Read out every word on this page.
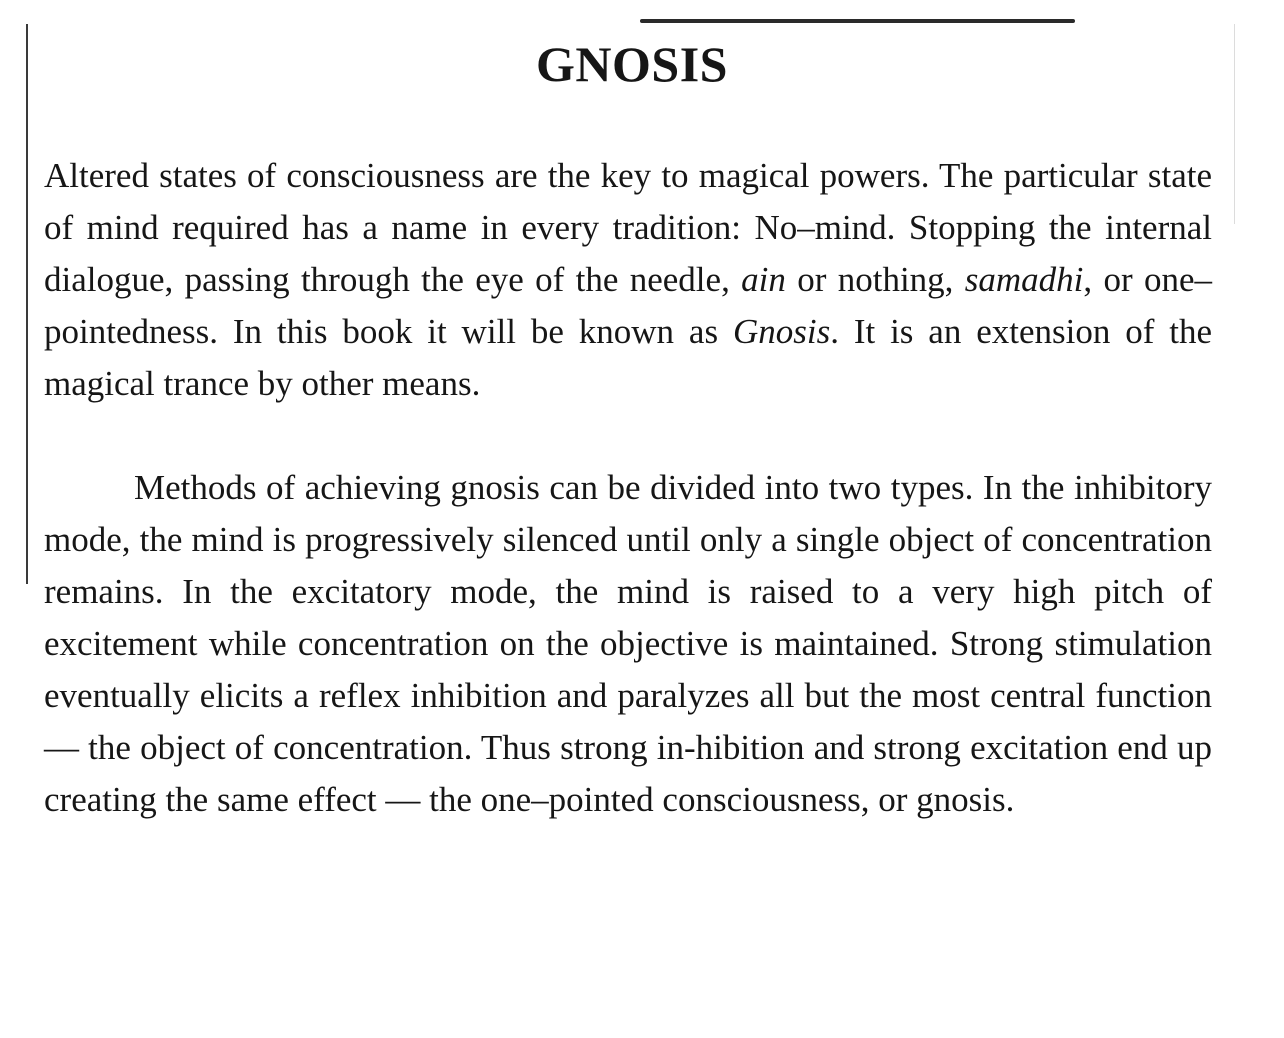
GNOSIS

Altered states of consciousness are the key to magical powers. The particular state of mind required has a name in every tradition: No–mind. Stopping the internal dialogue, passing through the eye of the needle, ain or nothing, samadhi, or one–pointedness. In this book it will be known as Gnosis. It is an extension of the magical trance by other means.

Methods of achieving gnosis can be divided into two types. In the inhibitory mode, the mind is progressively silenced until only a single object of concentration remains. In the excitatory mode, the mind is raised to a very high pitch of excitement while concentration on the objective is maintained. Strong stimulation eventually elicits a reflex inhibition and paralyzes all but the most central function — the object of concentration. Thus strong in-hibition and strong excitation end up creating the same effect — the one–pointed consciousness, or gnosis.
